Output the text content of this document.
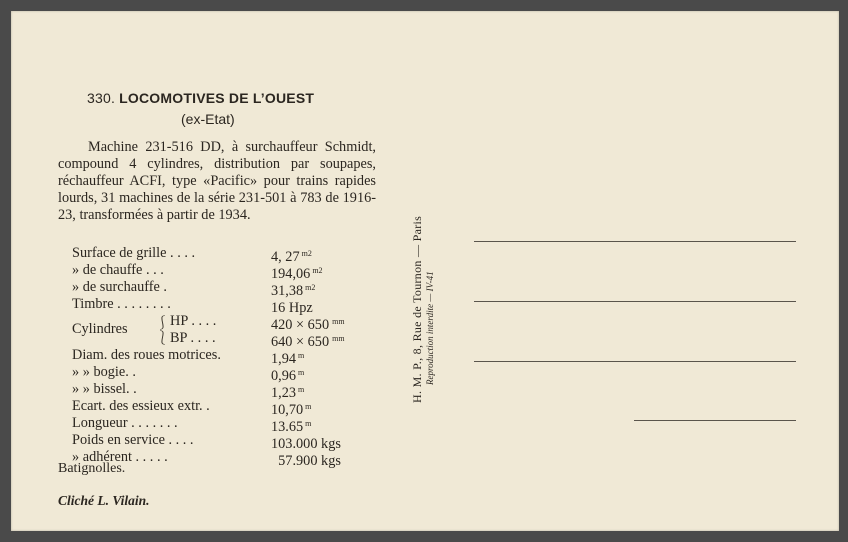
330. LOCOMOTIVES DE L’OUEST
(ex-Etat)

Machine 231-516 DD, à surchauffeur Schmidt, compound 4 cylindres, distribution par soupapes, réchauffeur ACFI, type «Pacific» pour trains rapides lourds, 31 machines de la série 231-501 à 783 de 1916-23, transformées à partir de 1934.

Surface de grille . . . .	4, 27 $^{m2}$
» de chauffe . . .	194,06 $^{m2}$
» de surchauffe .	31,38 $^{m2}$
Timbre . . . . . . . .	16 Hpz
Cylindres ⎰
⎱
HP . . . .	420 × 650 $^{mm}$
BP . . . .	640 × 650 $^{mm}$
Diam. des roues motrices.	1,94 $^m$
» » bogie. .	0,96 $^m$
» » bissel. .	1,23 $^m$
Ecart. des essieux extr. .	10,70 $^m$
Longueur . . . . . . .	13.65 $^m$
Poids en service . . . .	103.000 kgs
» adhérent . . . . .	57.900 kgs
Batignolles.
Cliché L. Vilain.
H. M. P., 8, Rue de Tournon — Paris Reproduction interdite — IV-41
